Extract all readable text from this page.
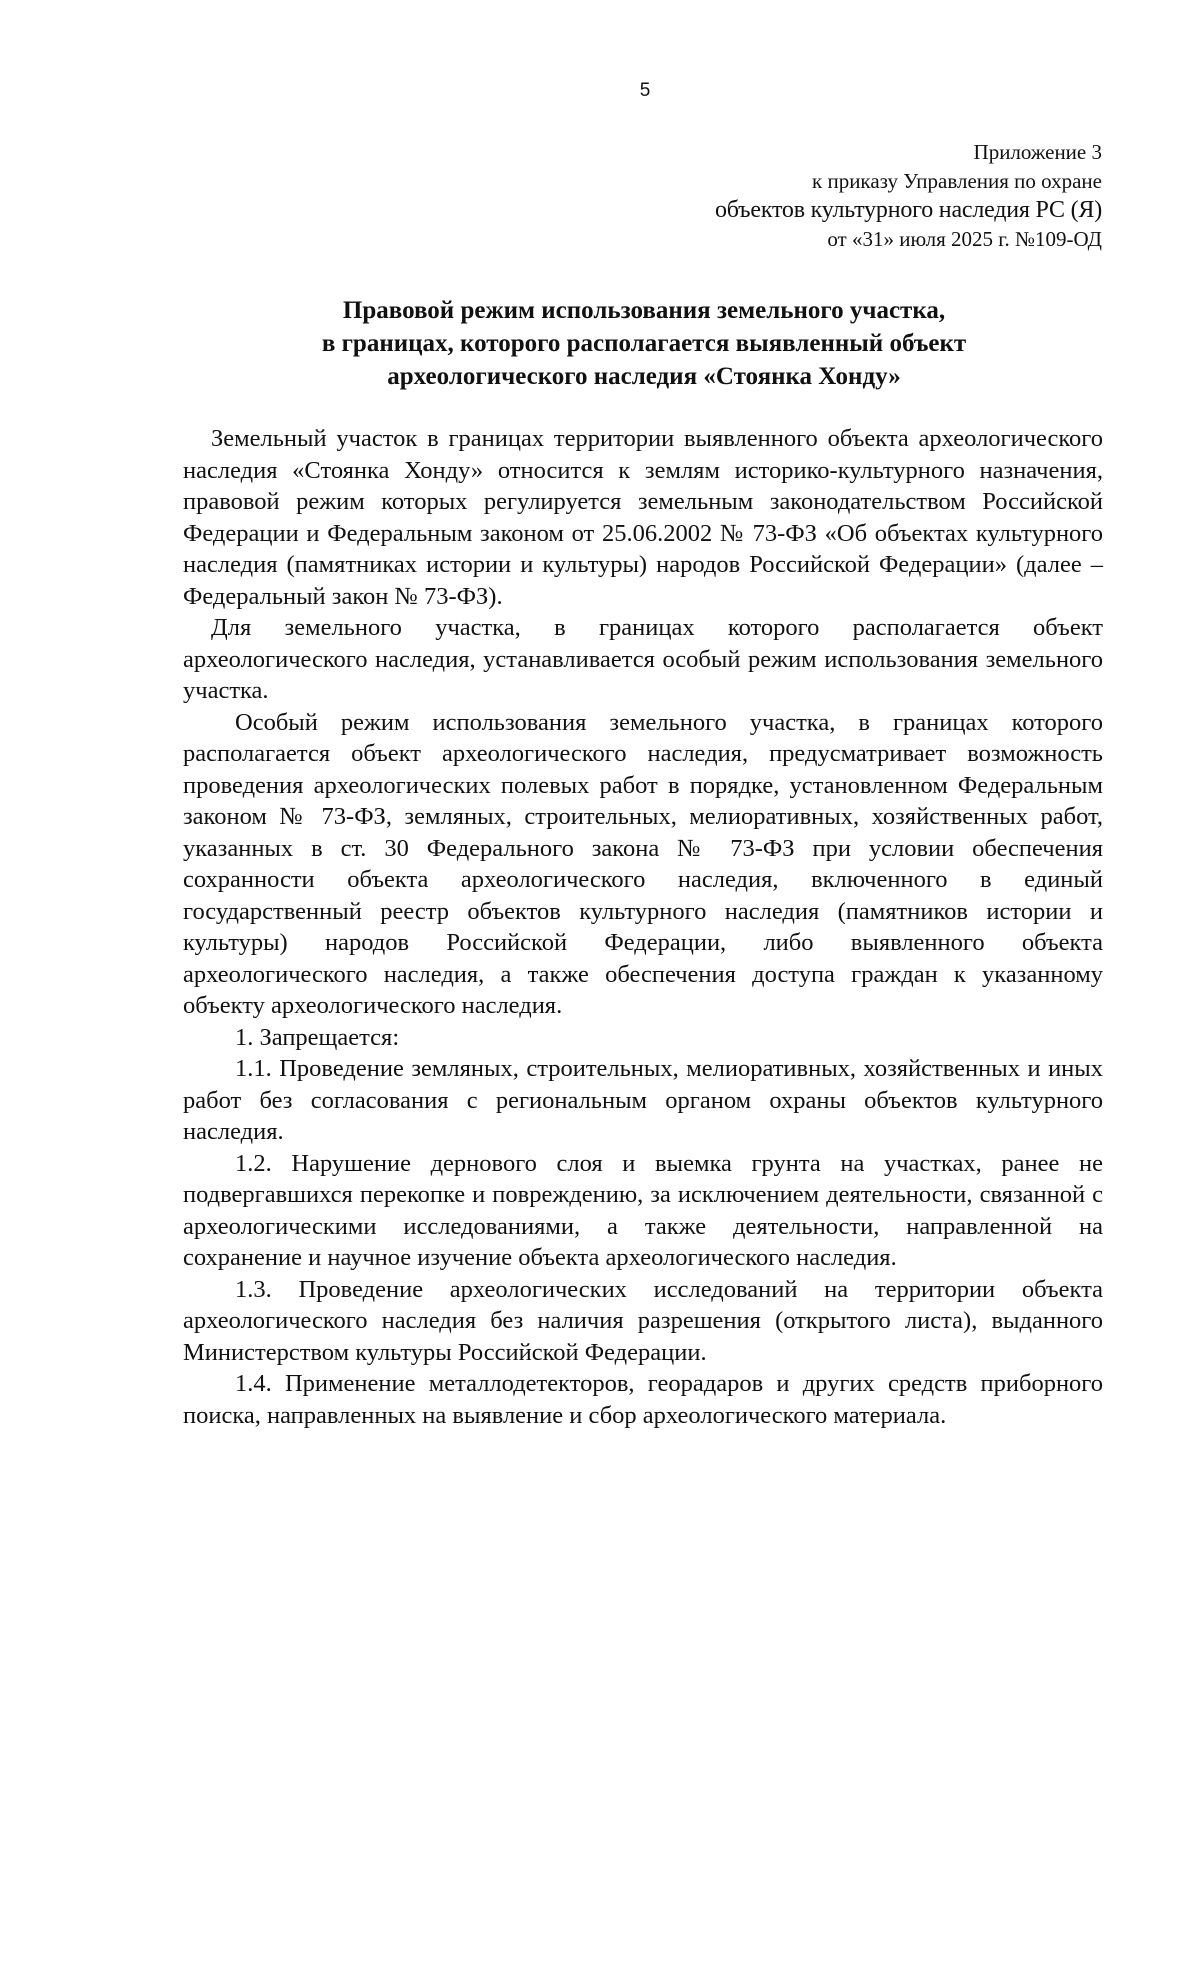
5
Приложение 3
к приказу Управления по охране
объектов культурного наследия РС (Я)
от «31» июля 2025 г. №109-ОД
Правовой режим использования земельного участка,
в границах, которого располагается выявленный объект
археологического наследия «Стоянка Хонду»

Земельный участок в границах территории выявленного объекта археологического наследия «Стоянка Хонду» относится к землям историко-культурного назначения, правовой режим которых регулируется земельным законодательством Российской Федерации и Федеральным законом от 25.06.2002 № 73-ФЗ «Об объектах культурного наследия (памятниках истории и культуры) народов Российской Федерации» (далее – Федеральный закон № 73-ФЗ).

Для земельного участка, в границах которого располагается объект археологического наследия, устанавливается особый режим использования земельного участка.

Особый режим использования земельного участка, в границах которого располагается объект археологического наследия, предусматривает возможность проведения археологических полевых работ в порядке, установленном Федеральным законом № 73-ФЗ, земляных, строительных, мелиоративных, хозяйственных работ, указанных в ст. 30 Федерального закона № 73-ФЗ при условии обеспечения сохранности объекта археологического наследия, включенного в единый государственный реестр объектов культурного наследия (памятников истории и культуры) народов Российской Федерации, либо выявленного объекта археологического наследия, а также обеспечения доступа граждан к указанному объекту археологического наследия.

1. Запрещается:

1.1. Проведение земляных, строительных, мелиоративных, хозяйственных и иных работ без согласования с региональным органом охраны объектов культурного наследия.

1.2. Нарушение дернового слоя и выемка грунта на участках, ранее не подвергавшихся перекопке и повреждению, за исключением деятельности, связанной с археологическими исследованиями, а также деятельности, направленной на сохранение и научное изучение объекта археологического наследия.

1.3. Проведение археологических исследований на территории объекта археологического наследия без наличия разрешения (открытого листа), выданного Министерством культуры Российской Федерации.

1.4. Применение металлодетекторов, георадаров и других средств приборного поиска, направленных на выявление и сбор археологического материала.
